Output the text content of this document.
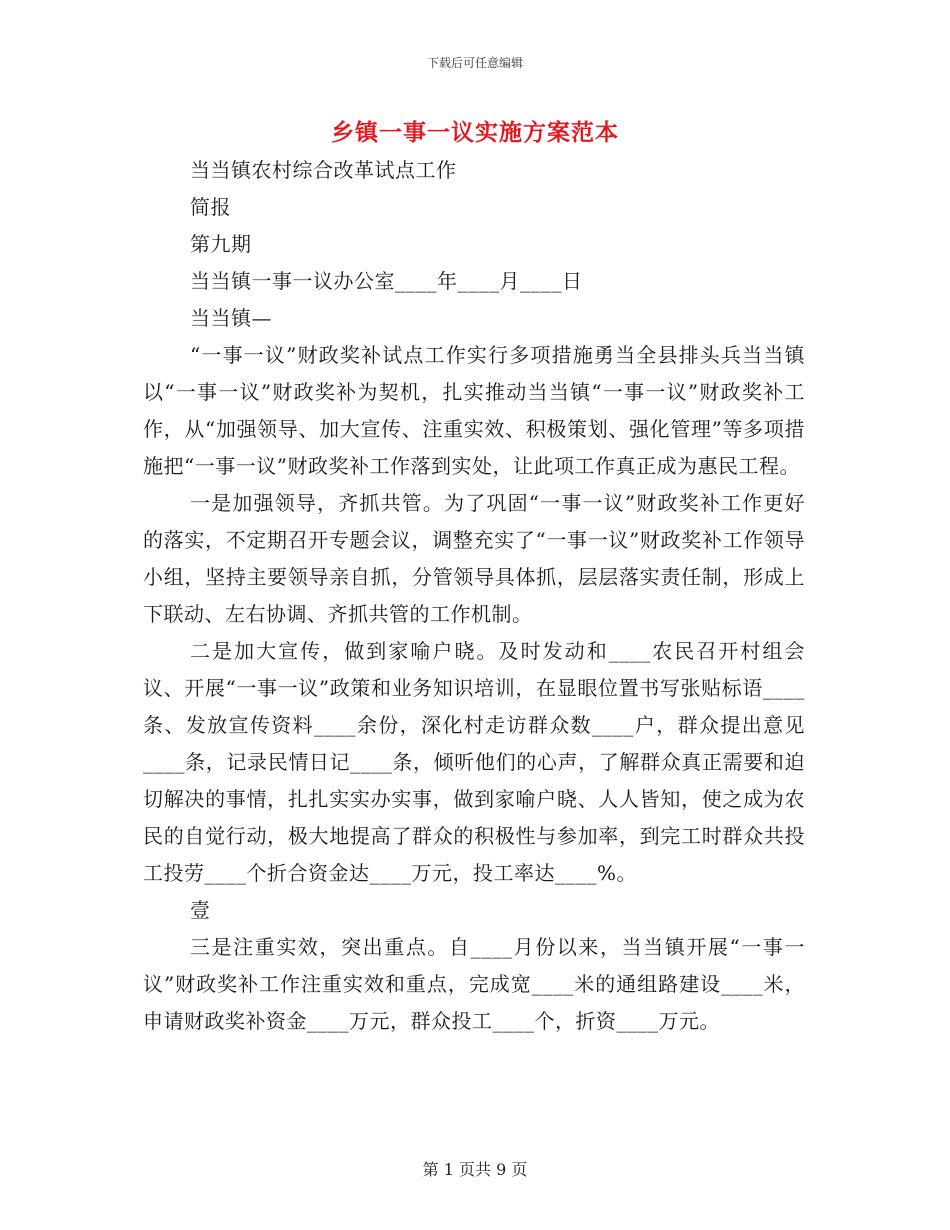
下载后可任意编辑
乡镇一事一议实施方案范本
当当镇农村综合改革试点工作
简报
第九期
当当镇一事一议办公室____年____月____日
当当镇—
“一事一议”财政奖补试点工作实行多项措施勇当全县排头兵当当镇以“一事一议”财政奖补为契机，扎实推动当当镇“一事一议”财政奖补工作，从“加强领导、加大宣传、注重实效、积极策划、强化管理”等多项措施把“一事一议”财政奖补工作落到实处，让此项工作真正成为惠民工程。
一是加强领导，齐抓共管。为了巩固“一事一议”财政奖补工作更好的落实，不定期召开专题会议，调整充实了“一事一议”财政奖补工作领导小组，坚持主要领导亲自抓，分管领导具体抓，层层落实责任制，形成上下联动、左右协调、齐抓共管的工作机制。
二是加大宣传，做到家喻户晓。及时发动和____农民召开村组会议、开展“一事一议”政策和业务知识培训，在显眼位置书写张贴标语____条、发放宣传资料____余份，深化村走访群众数____户，群众提出意见____条，记录民情日记____条，倾听他们的心声，了解群众真正需要和迫切解决的事情，扎扎实实办实事，做到家喻户晓、人人皆知，使之成为农民的自觉行动，极大地提高了群众的积极性与参加率，到完工时群众共投工投劳____个折合资金达____万元，投工率达____%。
壹
三是注重实效，突出重点。自____月份以来，当当镇开展“一事一议”财政奖补工作注重实效和重点，完成宽____米的通组路建设____米，申请财政奖补资金____万元，群众投工____个，折资____万元。
第 1 页共 9 页
